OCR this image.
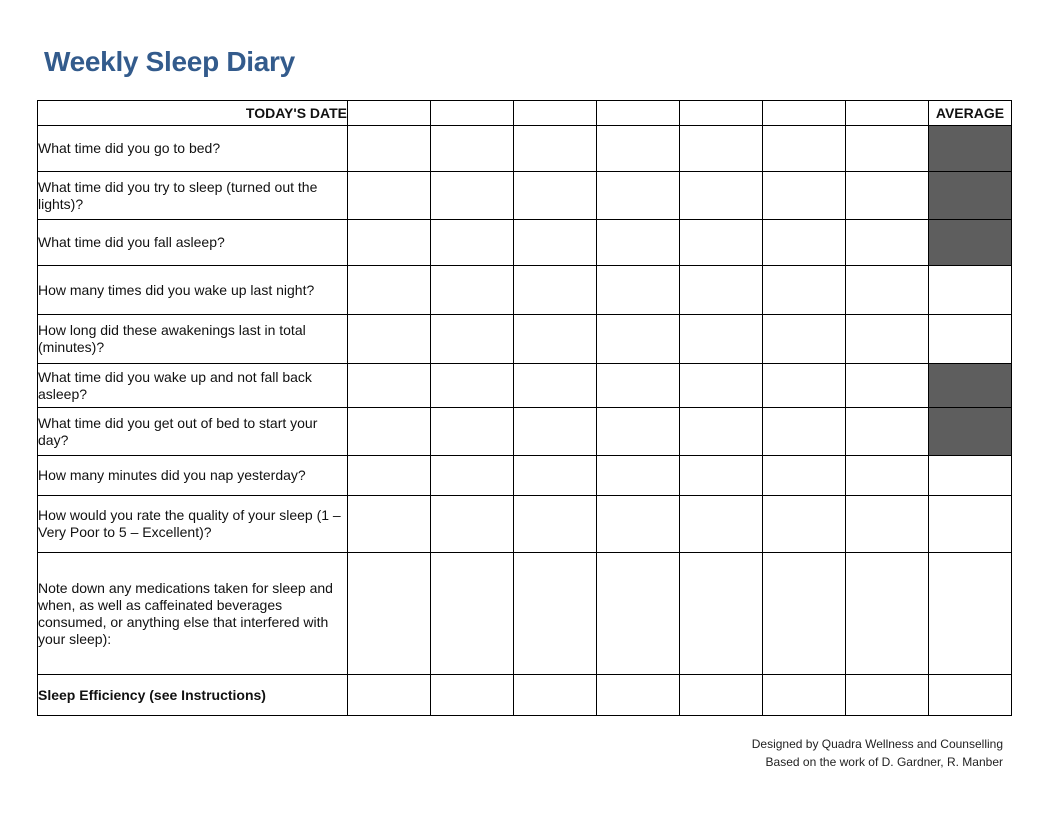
Weekly Sleep Diary
TODAY'S DATE								AVERAGE
What time did you go to bed?								
What time did you try to sleep (turned out the lights)?								
What time did you fall asleep?								
How many times did you wake up last night?								
How long did these awakenings last in total (minutes)?								
What time did you wake up and not fall back asleep?								
What time did you get out of bed to start your day?								
How many minutes did you nap yesterday?								
How would you rate the quality of your sleep (1 – Very Poor to 5 – Excellent)?								
Note down any medications taken for sleep and when, as well as caffeinated beverages consumed, or anything else that interfered with your sleep):								
Sleep Efficiency (see Instructions)								
Designed by Quadra Wellness and Counselling
Based on the work of D. Gardner, R. Manber
